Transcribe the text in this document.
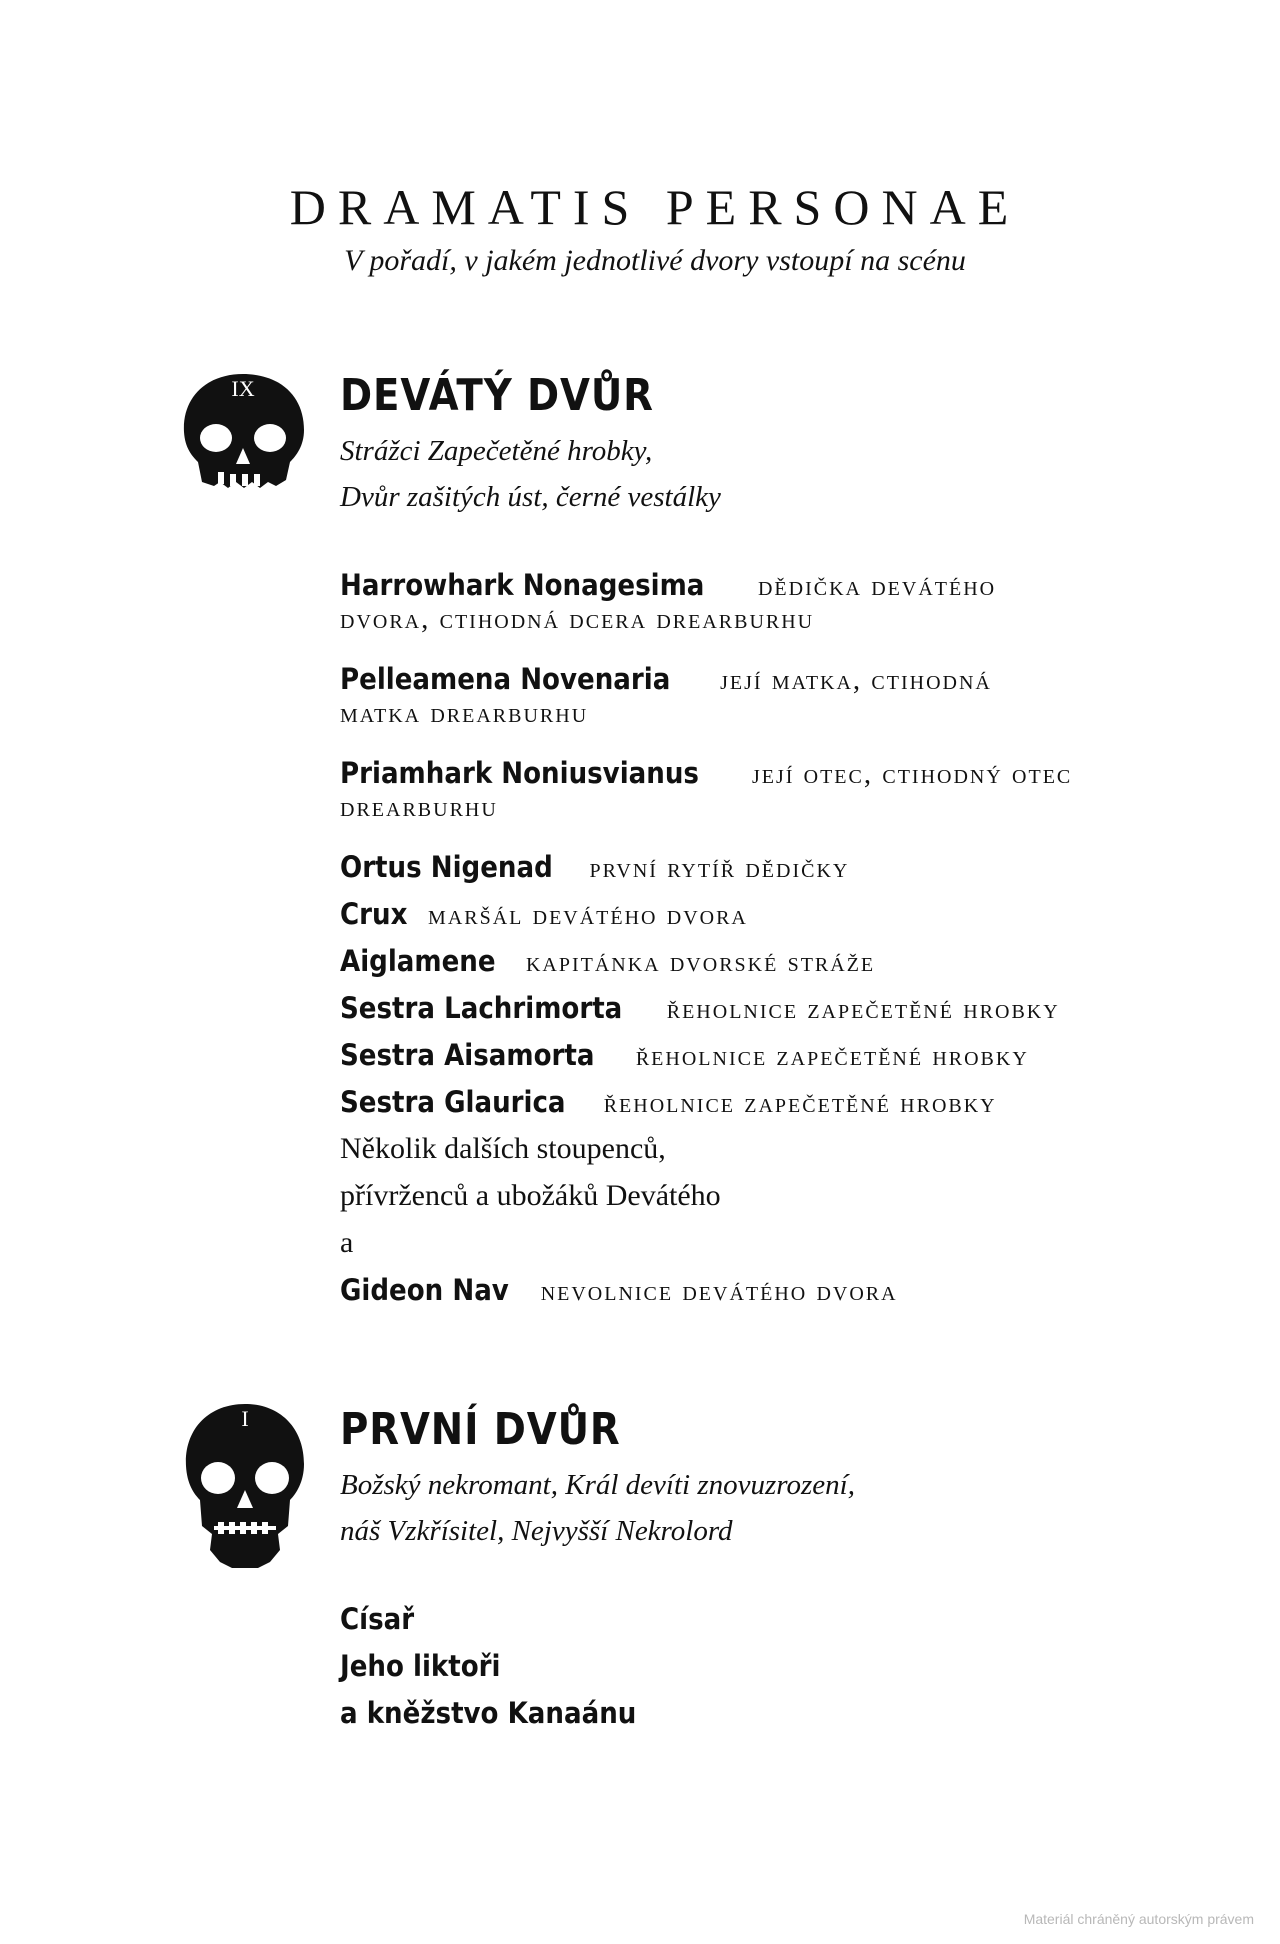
DRAMATIS PERSONAE
V pořadí, v jakém jednotlivé dvory vstoupí na scénu
IX	DEVÁTÝ DVŮR
Strážci Zapečetěné hrobky,
Dvůr zašitých úst, černé vestálky
Harrowhark Nonagesima dědička devátého
dvora, ctihodná dcera drearburhu
Pelleamena Novenaria její matka, ctihodná
matka drearburhu
Priamhark Noniusvianus její otec, ctihodný otec
drearburhu
Ortus Nigenad první rytíř dědičky
Crux maršál devátého dvora
Aiglamene kapitánka dvorské stráže
Sestra Lachrimorta řeholnice zapečetěné hrobky
Sestra Aisamorta řeholnice zapečetěné hrobky
Sestra Glaurica řeholnice zapečetěné hrobky
Několik dalších stoupenců,
přívrženců a ubožáků Devátého
a
Gideon Nav nevolnice devátého dvora
I	PRVNÍ DVŮR
Božský nekromant, Král devíti znovuzrození,
náš Vzkřísitel, Nejvyšší Nekrolord
Císař
Jeho liktoři
a kněžstvo Kanaánu
Materiál chráněný autorským právem
